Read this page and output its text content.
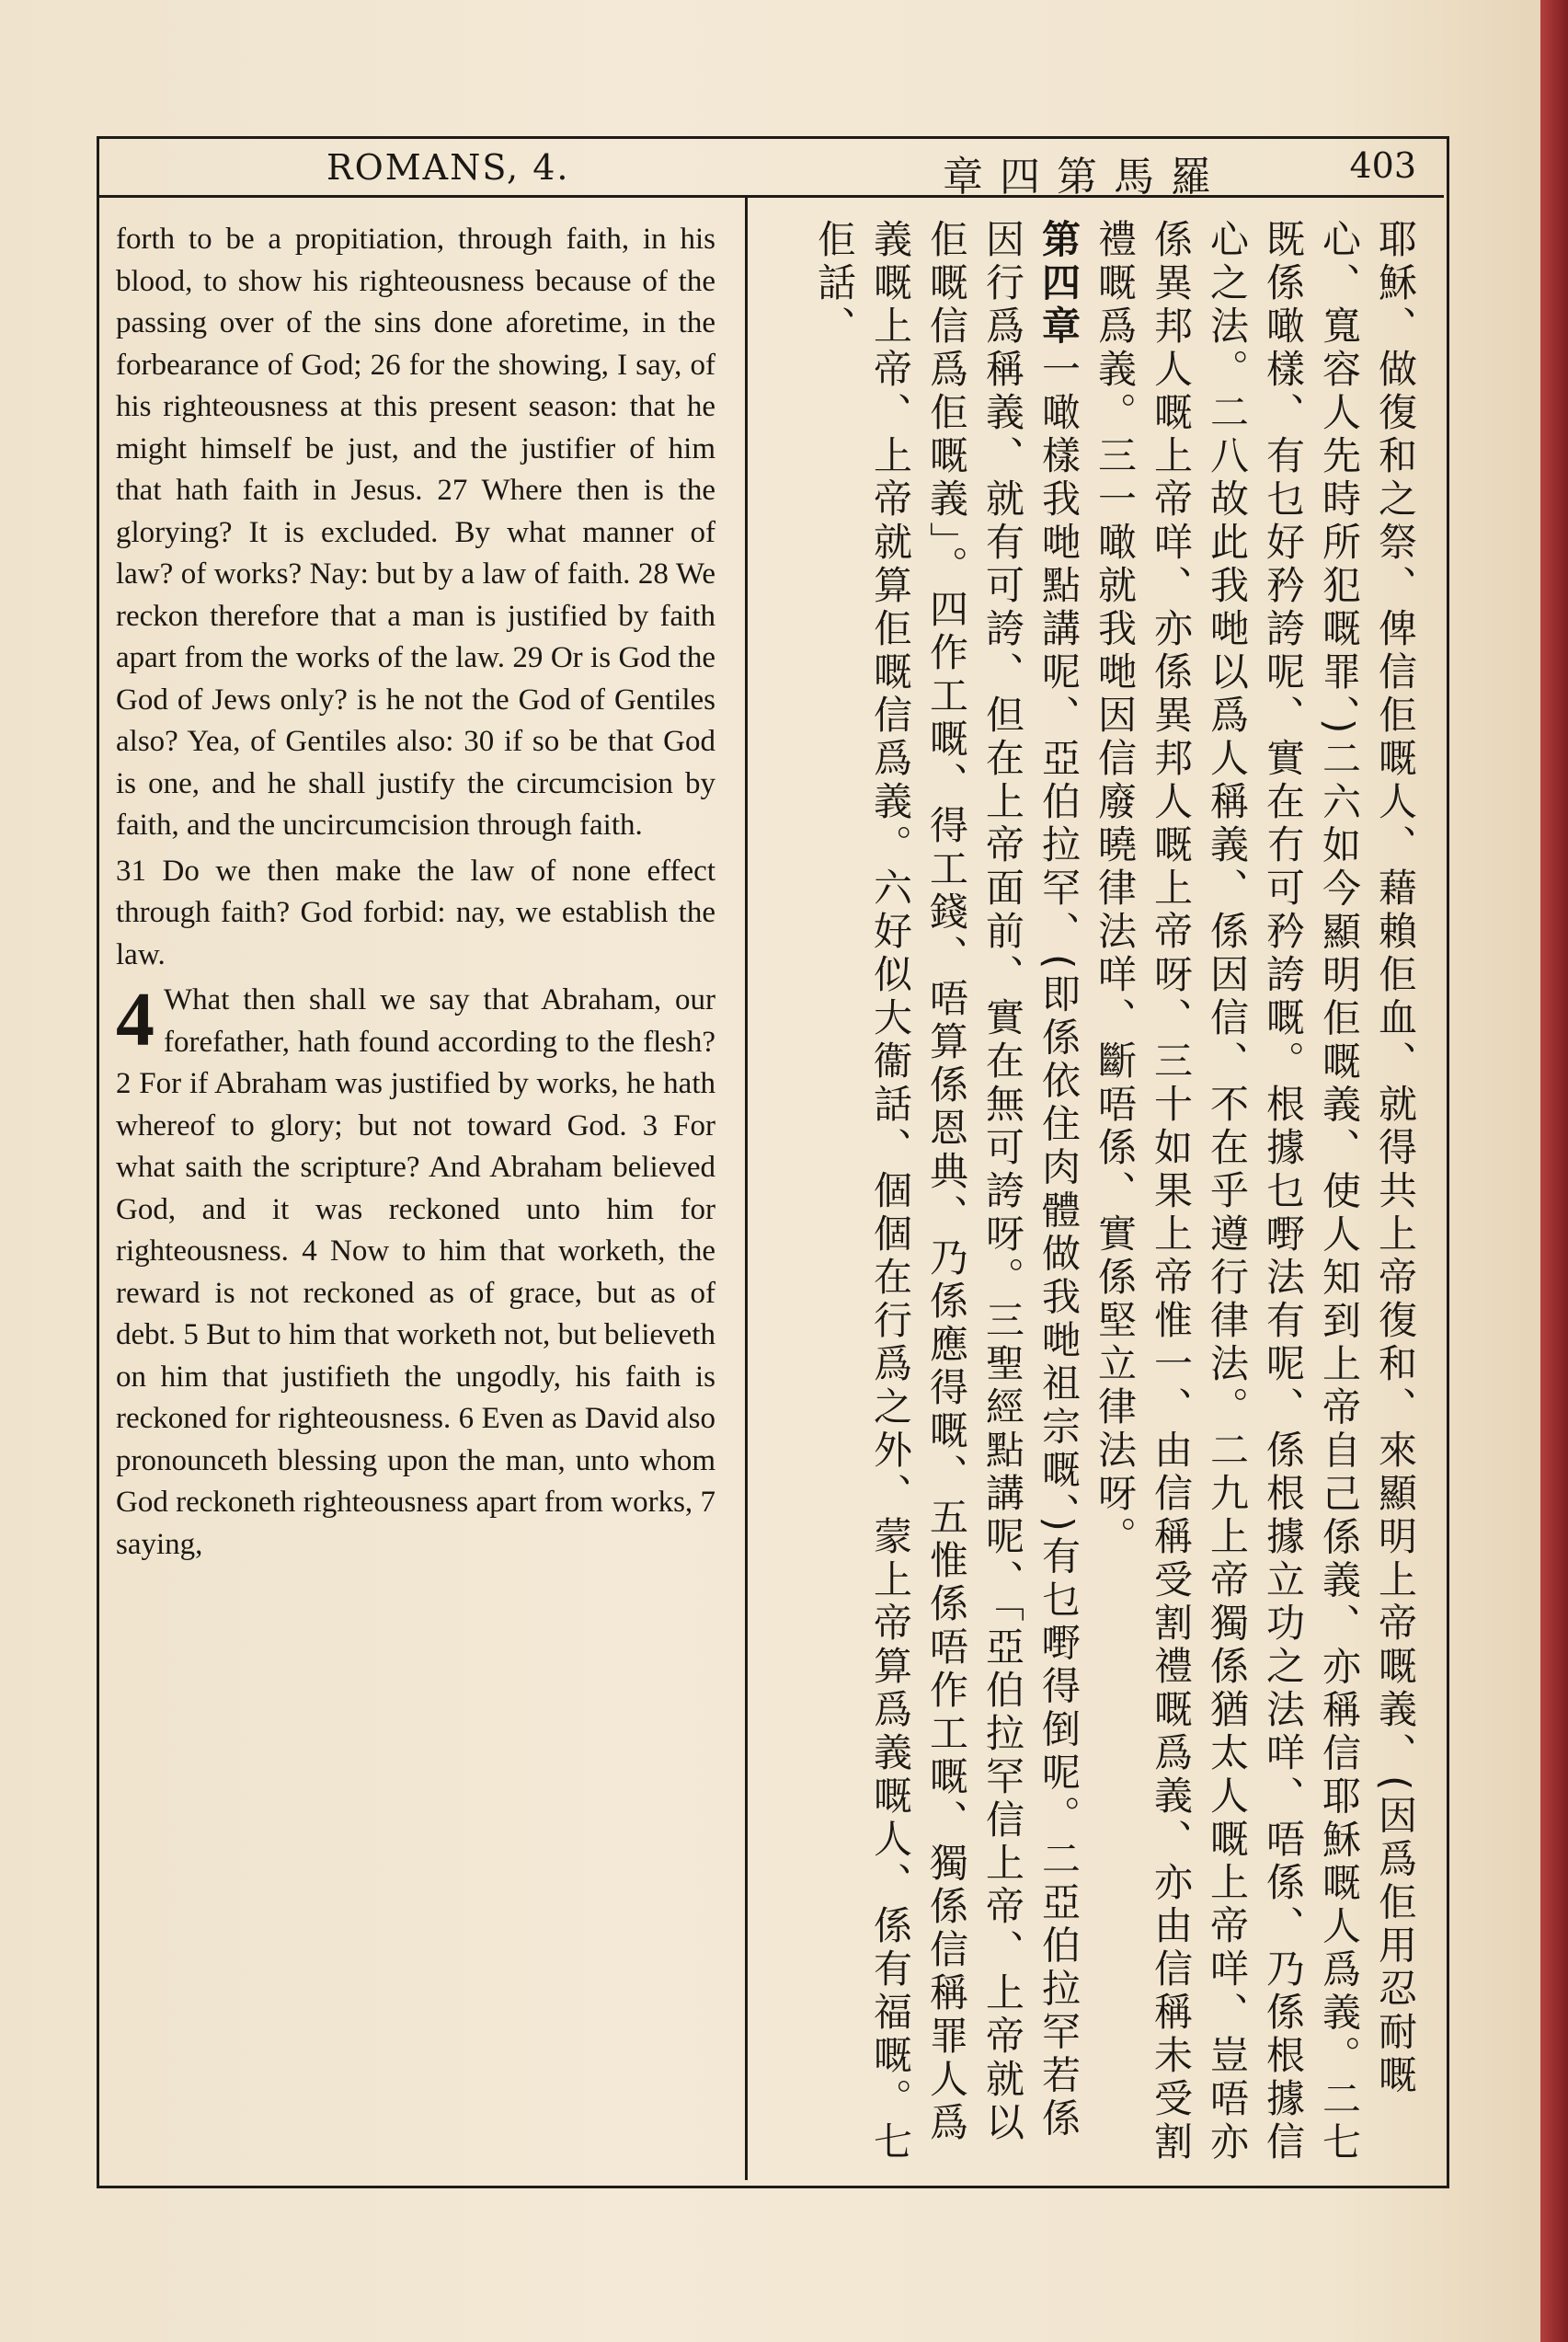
ROMANS, 4.	章四第馬羅	403

forth to be a propitiation, through faith, in his blood, to show his righteousness because of the passing over of the sins done aforetime, in the forbearance of God; 26 for the showing, I say, of his righteousness at this present season: that he might himself be just, and the justifier of him that hath faith in Jesus. 27 Where then is the glorying? It is excluded. By what manner of law? of works? Nay: but by a law of faith. 28 We reckon therefore that a man is justified by faith apart from the works of the law. 29 Or is God the God of Jews only? is he not the God of Gentiles also? Yea, of Gentiles also: 30 if so be that God is one, and he shall justify the circumcision by faith, and the uncircumcision through faith.

31 Do we then make the law of none effect through faith? God forbid: nay, we establish the law.

4 What then shall we say that Abraham, our forefather, hath found according to the flesh? 2 For if Abraham was justified by works, he hath whereof to glory; but not toward God. 3 For what saith the scripture? And Abraham believed God, and it was reckoned unto him for righteousness. 4 Now to him that worketh, the reward is not reckoned as of grace, but as of debt. 5 But to him that worketh not, but believeth on him that justifieth the ungodly, his faith is reckoned for righteousness. 6 Even as David also pronounceth blessing upon the man, unto whom God reckoneth righteousness apart from works, 7 saying,	耶穌、做復和之祭、俾信佢嘅人、藉賴佢血、就得共上帝復和、來顯明上帝嘅義、(因爲佢用忍耐嘅心、寬容人先時所犯嘅罪、)二六如今顯明佢嘅義、使人知到上帝自己係義、亦稱信耶穌嘅人爲義。二七既係噉樣、有乜好矜誇呢、實在冇可矜誇嘅。根據乜嘢法有呢、係根據立功之法咩、唔係、乃係根據信心之法。二八故此我哋以爲人稱義、係因信、不在乎遵行律法。二九上帝獨係猶太人嘅上帝咩、豈唔亦係異邦人嘅上帝咩、亦係異邦人嘅上帝呀、三十如果上帝惟一、由信稱受割禮嘅爲義、亦由信稱未受割禮嘅爲義。三一噉就我哋因信廢曉律法咩、斷唔係、實係堅立律法呀。

第四章一噉樣我哋點講呢、亞伯拉罕、(即係依住肉體做我哋祖宗嘅、)有乜嘢得倒呢。二亞伯拉罕若係因行爲稱義、就有可誇、但在上帝面前、實在無可誇呀。三聖經點講呢、「亞伯拉罕信上帝、上帝就以佢嘅信爲佢嘅義」。四作工嘅、得工錢、唔算係恩典、乃係應得嘅、五惟係唔作工嘅、獨係信稱罪人爲義嘅上帝、上帝就算佢嘅信爲義。六好似大衞話、個個在行爲之外、蒙上帝算爲義嘅人、係有福嘅。七佢話、
